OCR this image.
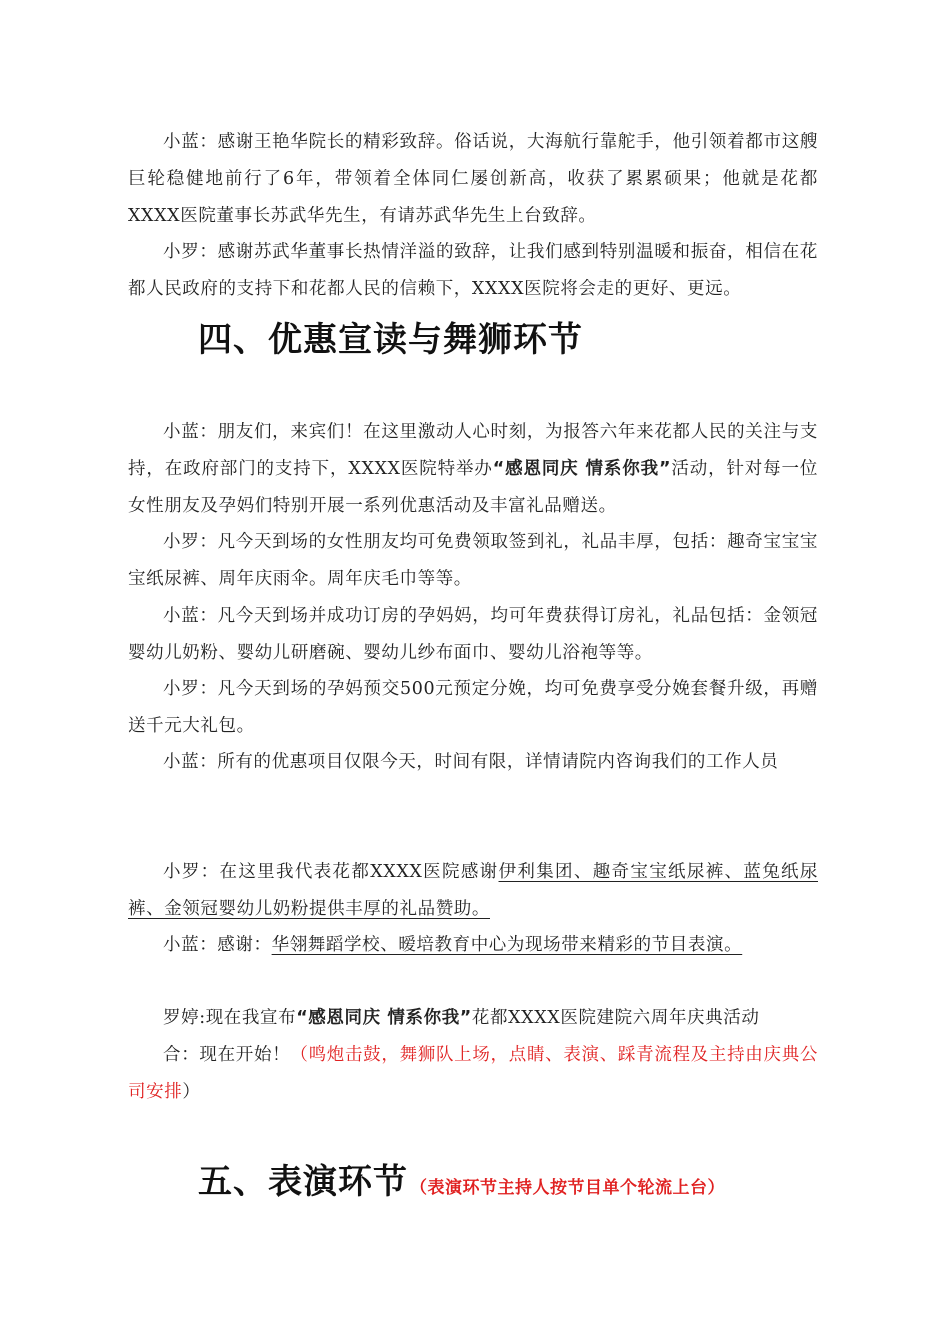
小蓝：感谢王艳华院长的精彩致辞。俗话说，大海航行靠舵手，他引领着都市这艘巨轮稳健地前行了6年，带领着全体同仁屡创新高，收获了累累硕果；他就是花都XXXX医院董事长苏武华先生，有请苏武华先生上台致辞。

小罗：感谢苏武华董事长热情洋溢的致辞，让我们感到特别温暖和振奋，相信在花都人民政府的支持下和花都人民的信赖下，XXXX医院将会走的更好、更远。

四、优惠宣读与舞狮环节

小蓝：朋友们，来宾们！在这里激动人心时刻，为报答六年来花都人民的关注与支持，在政府部门的支持下，XXXX医院特举办“感恩同庆 情系你我”活动，针对每一位女性朋友及孕妈们特别开展一系列优惠活动及丰富礼品赠送。

小罗：凡今天到场的女性朋友均可免费领取签到礼，礼品丰厚，包括：趣奇宝宝宝宝纸尿裤、周年庆雨伞。周年庆毛巾等等。

小蓝：凡今天到场并成功订房的孕妈妈，均可年费获得订房礼，礼品包括：金领冠婴幼儿奶粉、婴幼儿研磨碗、婴幼儿纱布面巾、婴幼儿浴袍等等。

小罗：凡今天到场的孕妈预交500元预定分娩，均可免费享受分娩套餐升级，再赠送千元大礼包。

小蓝：所有的优惠项目仅限今天，时间有限，详情请院内咨询我们的工作人员

小罗：在这里我代表花都XXXX医院感谢伊利集团、趣奇宝宝纸尿裤、蓝兔纸尿裤、金领冠婴幼儿奶粉提供丰厚的礼品赞助。

小蓝：感谢：华翎舞蹈学校、暧培教育中心为现场带来精彩的节目表演。

罗婷:现在我宣布“感恩同庆 情系你我”花都XXXX医院建院六周年庆典活动

合：现在开始！（鸣炮击鼓，舞狮队上场，点睛、表演、踩青流程及主持由庆典公司安排）

五、表演环节 （表演环节主持人按节目单个轮流上台）
